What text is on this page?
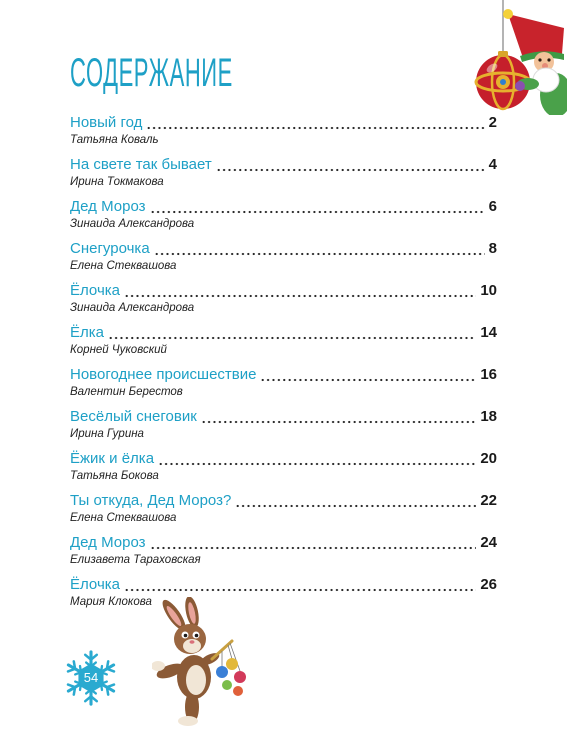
СОДЕРЖАНИЕ
Новый год	2
Татьяна Коваль
На свете так бывает	4
Ирина Токмакова
Дед Мороз	6
Зинаида Александрова
Снегурочка	8
Елена Стеквашова
Ёлочка	10
Зинаида Александрова
Ёлка	14
Корней Чуковский
Новогоднее происшествие	16
Валентин Берестов
Весёлый снеговик	18
Ирина Гурина
Ёжик и ёлка	20
Татьяна Бокова
Ты откуда, Дед Мороз?	22
Елена Стеквашова
Дед Мороз	24
Елизавета Тараховская
Ёлочка	26
Мария Клокова
54
